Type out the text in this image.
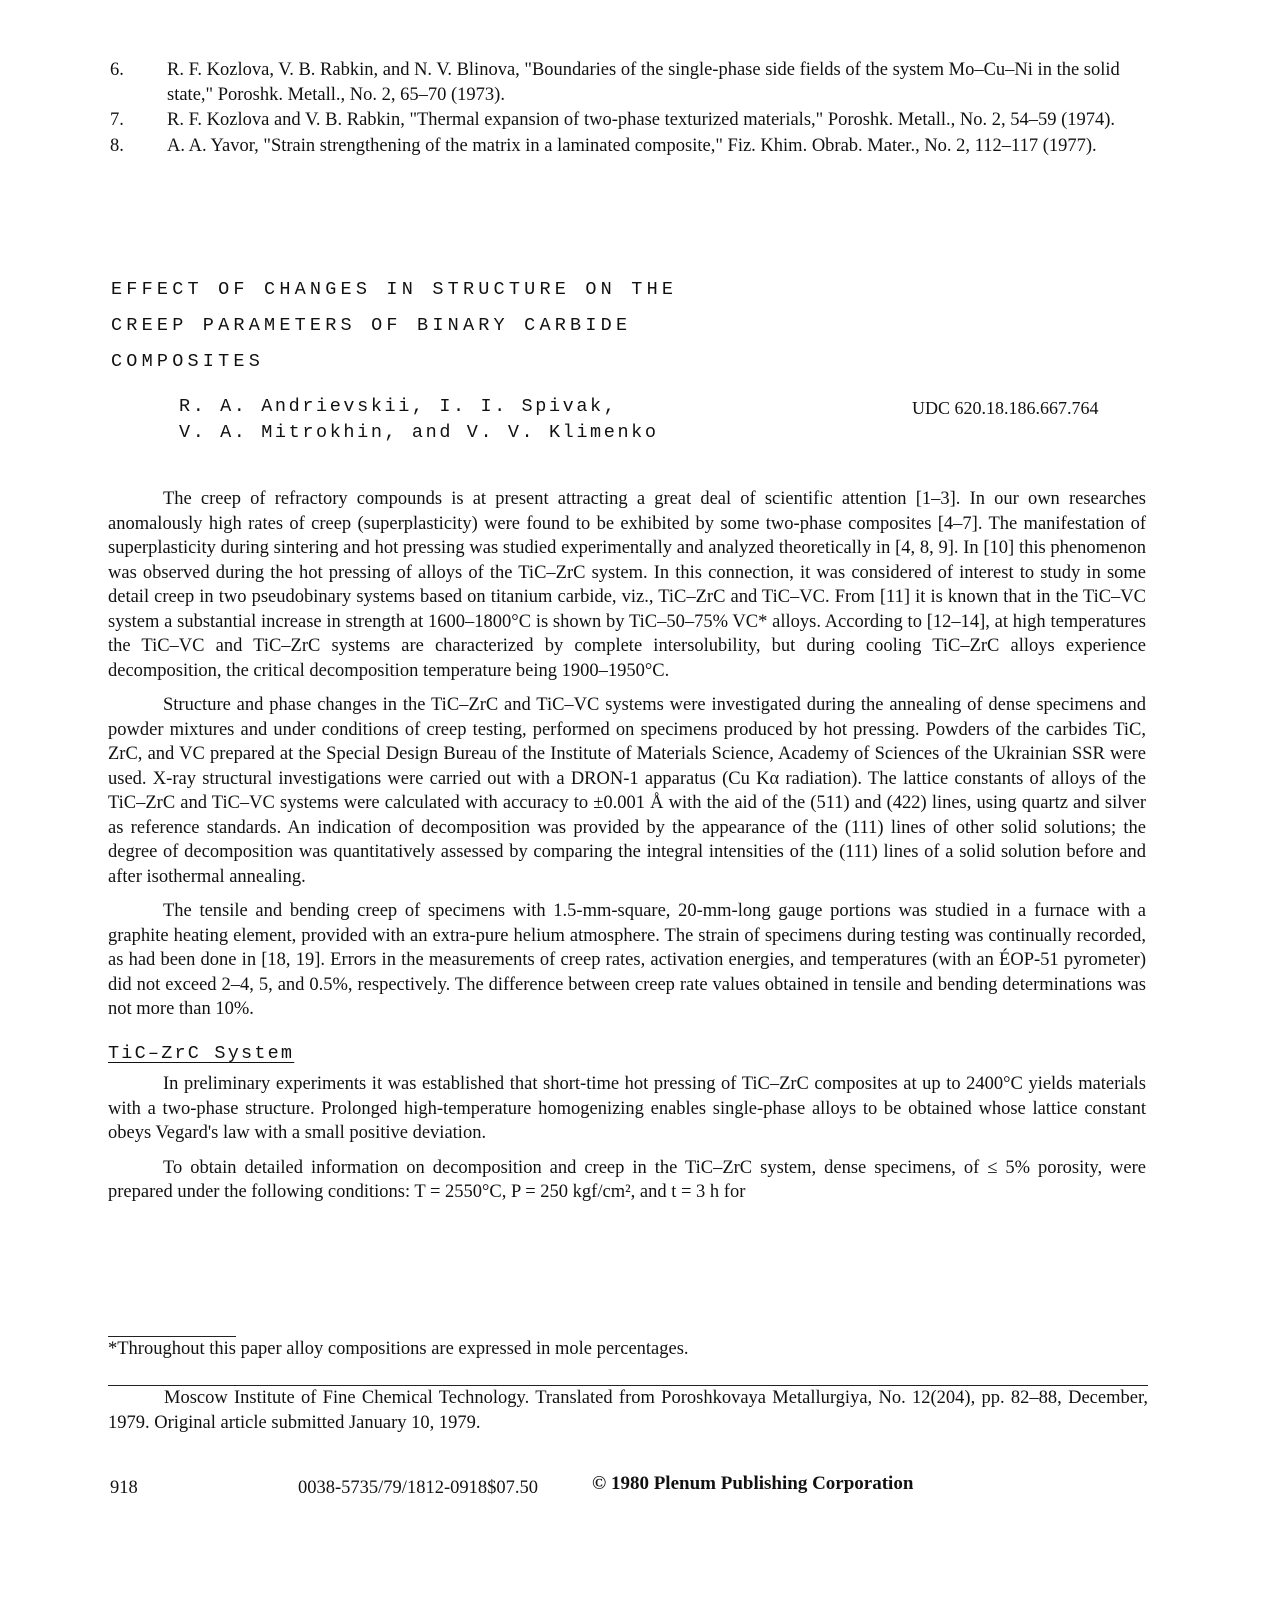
6.	R. F. Kozlova, V. B. Rabkin, and N. V. Blinova, "Boundaries of the single-phase side fields of the system Mo–Cu–Ni in the solid state," Poroshk. Metall., No. 2, 65–70 (1973).
7.	R. F. Kozlova and V. B. Rabkin, "Thermal expansion of two-phase texturized materials," Poroshk. Metall., No. 2, 54–59 (1974).
8.	A. A. Yavor, "Strain strengthening of the matrix in a laminated composite," Fiz. Khim. Obrab. Mater., No. 2, 112–117 (1977).
EFFECT OF CHANGES IN STRUCTURE ON THE
CREEP PARAMETERS OF BINARY CARBIDE
COMPOSITES
R. A. Andrievskii, I. I. Spivak,
V. A. Mitrokhin, and V. V. Klimenko
UDC 620.18.186.667.764

The creep of refractory compounds is at present attracting a great deal of scientific attention [1–3]. In our own researches anomalously high rates of creep (superplasticity) were found to be exhibited by some two-phase composites [4–7]. The manifestation of superplasticity during sintering and hot pressing was studied experimentally and analyzed theoretically in [4, 8, 9]. In [10] this phenomenon was observed during the hot pressing of alloys of the TiC–ZrC system. In this connection, it was considered of interest to study in some detail creep in two pseudobinary systems based on titanium carbide, viz., TiC–ZrC and TiC–VC. From [11] it is known that in the TiC–VC system a substantial increase in strength at 1600–1800°C is shown by TiC–50–75% VC* alloys. According to [12–14], at high temperatures the TiC–VC and TiC–ZrC systems are characterized by complete intersolubility, but during cooling TiC–ZrC alloys experience decomposition, the critical decomposition temperature being 1900–1950°C.

Structure and phase changes in the TiC–ZrC and TiC–VC systems were investigated during the annealing of dense specimens and powder mixtures and under conditions of creep testing, performed on specimens produced by hot pressing. Powders of the carbides TiC, ZrC, and VC prepared at the Special Design Bureau of the Institute of Materials Science, Academy of Sciences of the Ukrainian SSR were used. X-ray structural investigations were carried out with a DRON-1 apparatus (Cu Kα radiation). The lattice constants of alloys of the TiC–ZrC and TiC–VC systems were calculated with accuracy to ±0.001 Å with the aid of the (511) and (422) lines, using quartz and silver as reference standards. An indication of decomposition was provided by the appearance of the (111) lines of other solid solutions; the degree of decomposition was quantitatively assessed by comparing the integral intensities of the (111) lines of a solid solution before and after isothermal annealing.

The tensile and bending creep of specimens with 1.5-mm-square, 20-mm-long gauge portions was studied in a furnace with a graphite heating element, provided with an extra-pure helium atmosphere. The strain of specimens during testing was continually recorded, as had been done in [18, 19]. Errors in the measurements of creep rates, activation energies, and temperatures (with an ÉOP-51 pyrometer) did not exceed 2–4, 5, and 0.5%, respectively. The difference between creep rate values obtained in tensile and bending determinations was not more than 10%.

TiC–ZrC System

In preliminary experiments it was established that short-time hot pressing of TiC–ZrC composites at up to 2400°C yields materials with a two-phase structure. Prolonged high-temperature homogenizing enables single-phase alloys to be obtained whose lattice constant obeys Vegard's law with a small positive deviation.

To obtain detailed information on decomposition and creep in the TiC–ZrC system, dense specimens, of ≤ 5% porosity, were prepared under the following conditions: T = 2550°C, P = 250 kgf/cm², and t = 3 h for

*Throughout this paper alloy compositions are expressed in mole percentages.
Moscow Institute of Fine Chemical Technology. Translated from Poroshkovaya Metallurgiya, No. 12(204), pp. 82–88, December, 1979. Original article submitted January 10, 1979.
918	0038-5735/79/1812-0918$07.50	© 1980 Plenum Publishing Corporation
